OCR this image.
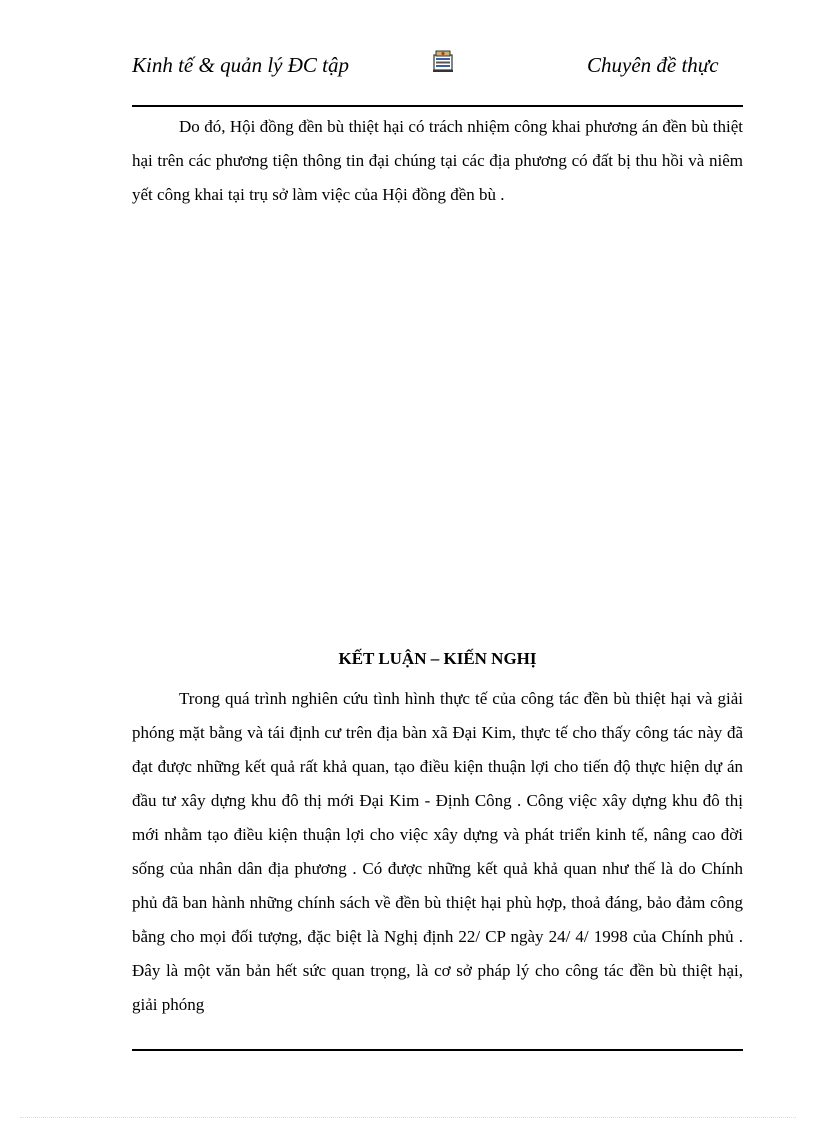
Kinh tế & quản lý ĐC tập	Chuyên đề thực

Do đó, Hội đồng đền bù thiệt hại có trách nhiệm công khai phương án đền bù thiệt hại trên các phương tiện thông tin đại chúng tại các địa phương có đất bị thu hồi và niêm yết công khai tại trụ sở làm việc của Hội đồng đền bù .

KẾT LUẬN – KIẾN NGHỊ

Trong quá trình nghiên cứu tình hình thực tế của công tác đền bù thiệt hại và giải phóng mặt bằng và tái định cư trên địa bàn xã Đại Kim, thực tế cho thấy công tác này đã đạt được những kết quả rất khả quan, tạo điều kiện thuận lợi cho tiến độ thực hiện dự án đầu tư xây dựng khu đô thị mới Đại Kim - Định Công . Công việc xây dựng khu đô thị mới nhằm tạo điều kiện thuận lợi cho việc xây dựng và phát triển kinh tế, nâng cao đời sống của nhân dân địa phương . Có được những kết quả khả quan như thế là do Chính phủ đã ban hành những chính sách về đền bù thiệt hại phù hợp, thoả đáng, bảo đảm công bằng cho mọi đối tượng, đặc biệt là Nghị định 22/ CP ngày 24/ 4/ 1998 của Chính phủ . Đây là một văn bản hết sức quan trọng, là cơ sở pháp lý cho công tác đền bù thiệt hại, giải phóng
